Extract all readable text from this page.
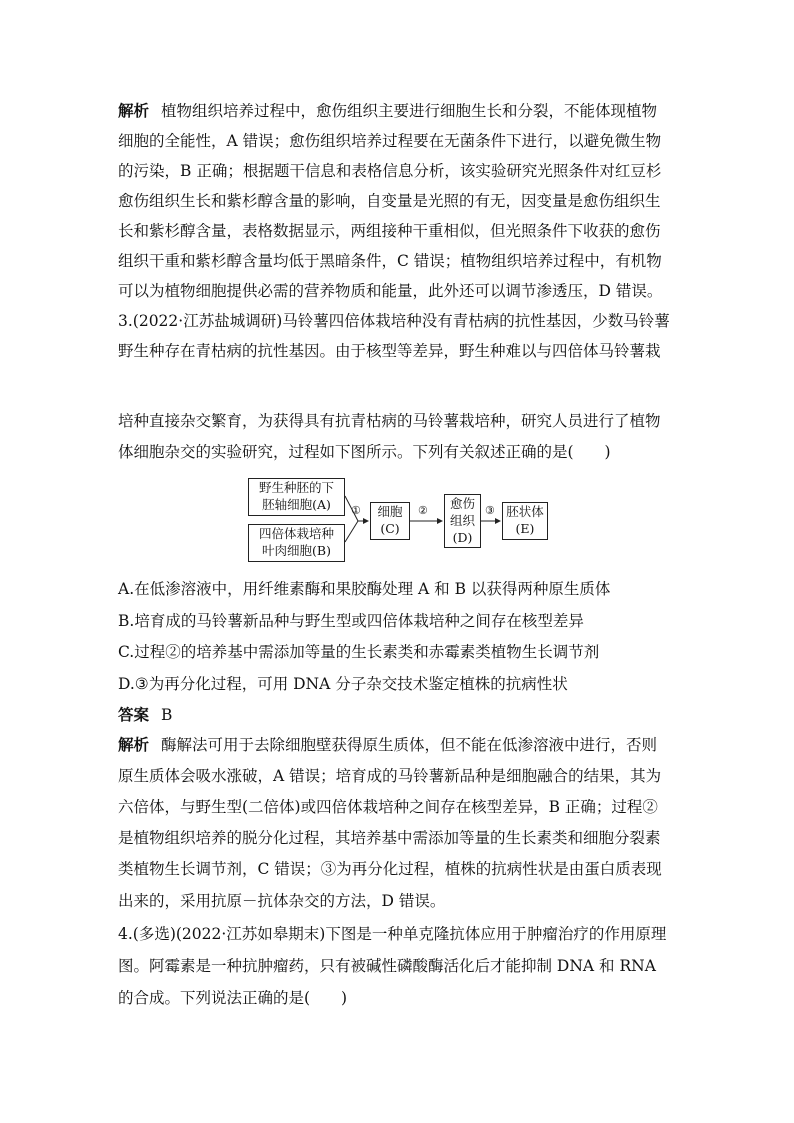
解析 植物组织培养过程中，愈伤组织主要进行细胞生长和分裂，不能体现植物
细胞的全能性，A 错误；愈伤组织培养过程要在无菌条件下进行，以避免微生物
的污染，B 正确；根据题干信息和表格信息分析，该实验研究光照条件对红豆杉
愈伤组织生长和紫杉醇含量的影响，自变量是光照的有无，因变量是愈伤组织生
长和紫杉醇含量，表格数据显示，两组接种干重相似，但光照条件下收获的愈伤
组织干重和紫杉醇含量均低于黑暗条件，C 错误；植物组织培养过程中，有机物
可以为植物细胞提供必需的营养物质和能量，此外还可以调节渗透压，D 错误。
3.(2022·江苏盐城调研)马铃薯四倍体栽培种没有青枯病的抗性基因，少数马铃薯
野生种存在青枯病的抗性基因。由于核型等差异，野生种难以与四倍体马铃薯栽
培种直接杂交繁育，为获得具有抗青枯病的马铃薯栽培种，研究人员进行了植物
体细胞杂交的实验研究，过程如下图所示。下列有关叙述正确的是(　　)
野生种胚的下
胚轴细胞(A)
四倍体栽培种
叶肉细胞(B)
①	细胞
(C)
②	愈伤
组织
(D)
③ 胚状体
(E)
A.在低渗溶液中，用纤维素酶和果胶酶处理 A 和 B 以获得两种原生质体
B.培育成的马铃薯新品种与野生型或四倍体栽培种之间存在核型差异
C.过程②的培养基中需添加等量的生长素类和赤霉素类植物生长调节剂
D.③为再分化过程，可用 DNA 分子杂交技术鉴定植株的抗病性状
答案 B
解析 酶解法可用于去除细胞壁获得原生质体，但不能在低渗溶液中进行，否则
原生质体会吸水涨破，A 错误；培育成的马铃薯新品种是细胞融合的结果，其为
六倍体，与野生型(二倍体)或四倍体栽培种之间存在核型差异，B 正确；过程②
是植物组织培养的脱分化过程，其培养基中需添加等量的生长素类和细胞分裂素
类植物生长调节剂，C 错误；③为再分化过程，植株的抗病性状是由蛋白质表现
出来的，采用抗原－抗体杂交的方法，D 错误。
4.(多选)(2022·江苏如皋期末)下图是一种单克隆抗体应用于肿瘤治疗的作用原理
图。阿霉素是一种抗肿瘤药，只有被碱性磷酸酶活化后才能抑制 DNA 和 RNA
的合成。下列说法正确的是(　　)
